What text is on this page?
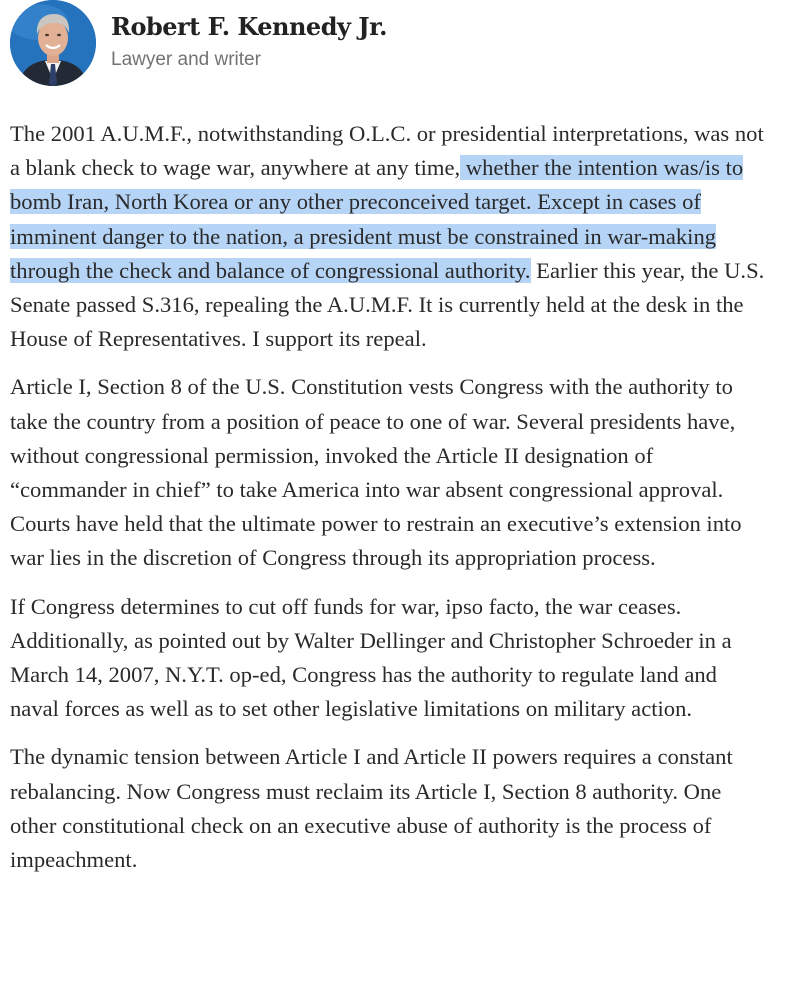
Robert F. Kennedy Jr.
Lawyer and writer

The 2001 A.U.M.F., notwithstanding O.L.C. or presidential interpretations, was not a blank check to wage war, anywhere at any time, whether the intention was/is to bomb Iran, North Korea or any other preconceived target. Except in cases of imminent danger to the nation, a president must be constrained in war-making through the check and balance of congressional authority. Earlier this year, the U.S. Senate passed S.316, repealing the A.U.M.F. It is currently held at the desk in the House of Representatives. I support its repeal.

Article I, Section 8 of the U.S. Constitution vests Congress with the authority to take the country from a position of peace to one of war. Several presidents have, without congressional permission, invoked the Article II designation of “commander in chief” to take America into war absent congressional approval. Courts have held that the ultimate power to restrain an executive’s extension into war lies in the discretion of Congress through its appropriation process.

If Congress determines to cut off funds for war, ipso facto, the war ceases. Additionally, as pointed out by Walter Dellinger and Christopher Schroeder in a March 14, 2007, N.Y.T. op-ed, Congress has the authority to regulate land and naval forces as well as to set other legislative limitations on military action.

The dynamic tension between Article I and Article II powers requires a constant rebalancing. Now Congress must reclaim its Article I, Section 8 authority. One other constitutional check on an executive abuse of authority is the process of impeachment.
